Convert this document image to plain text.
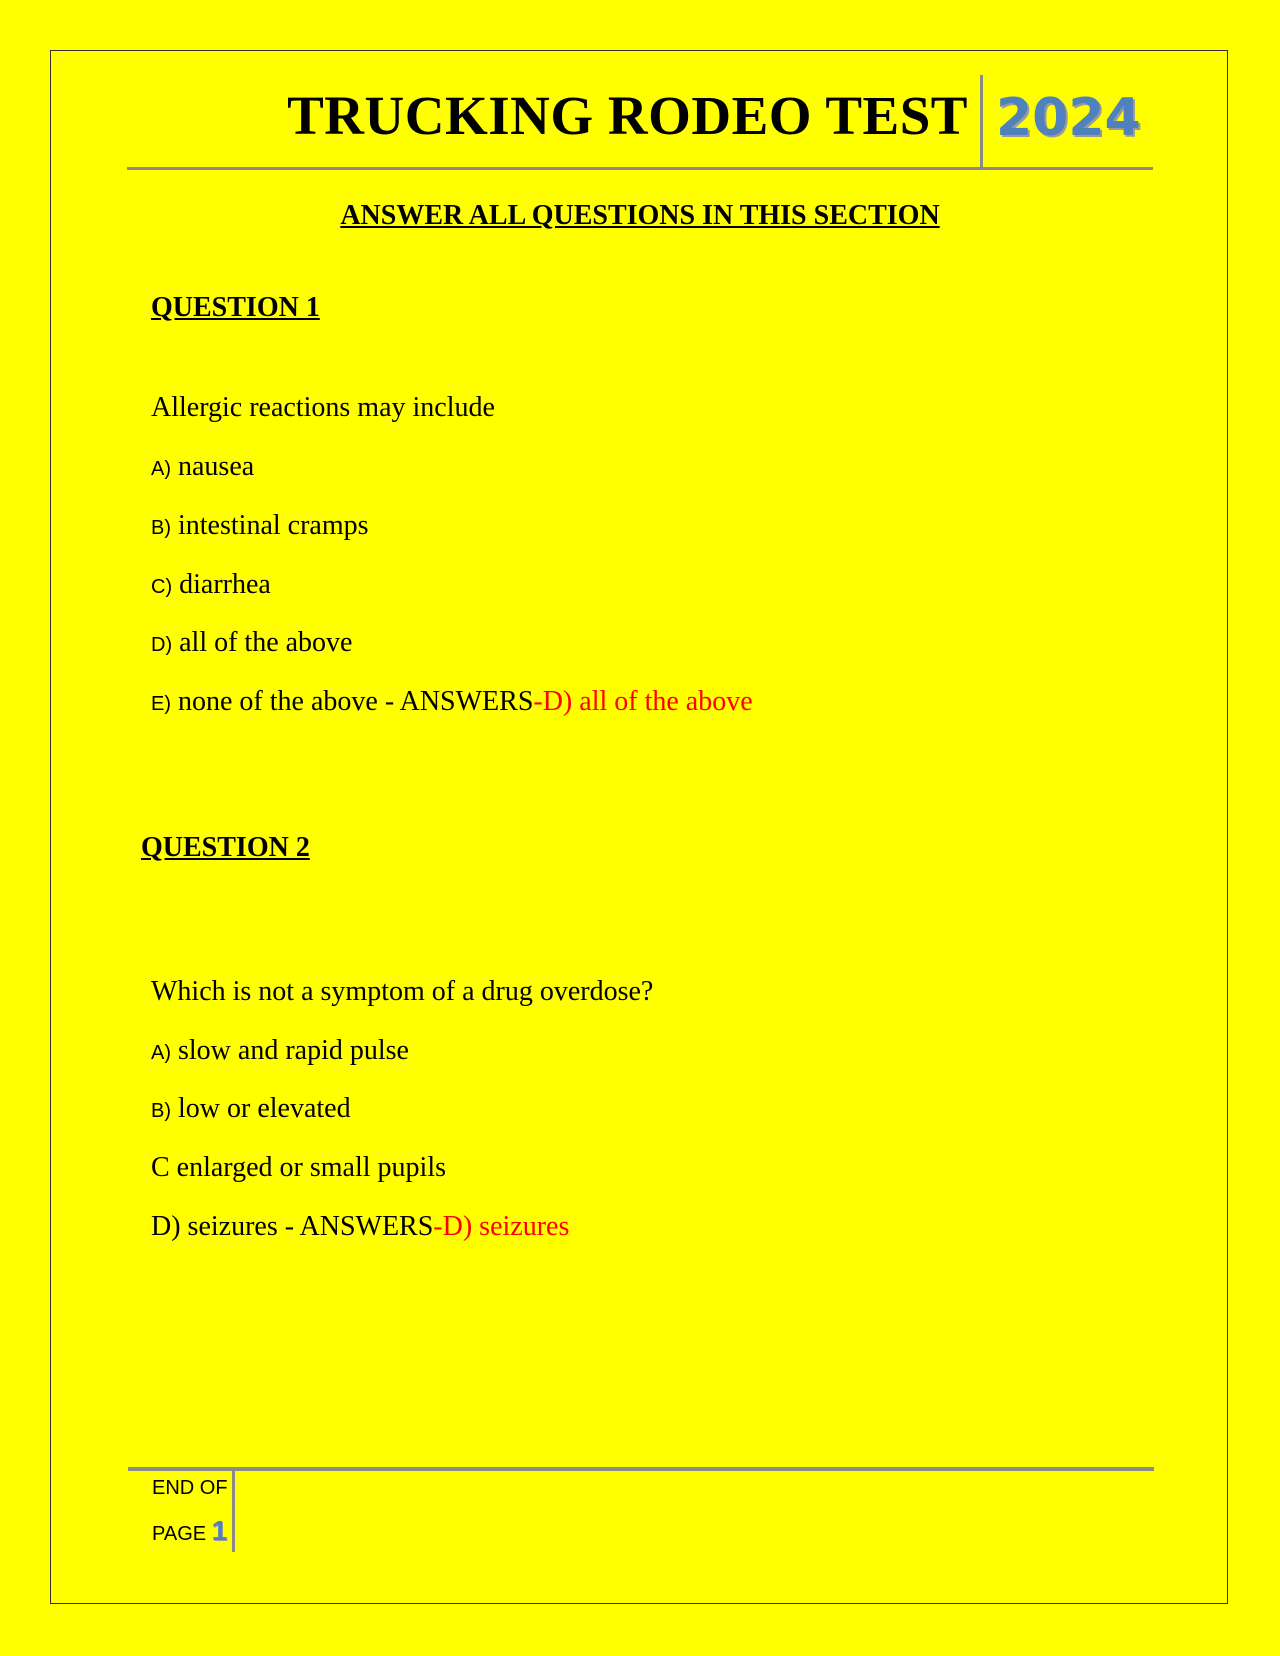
TRUCKING RODEO TEST 2024
ANSWER ALL QUESTIONS IN THIS SECTION
QUESTION 1
Allergic reactions may include
A) nausea
B) intestinal cramps
C) diarrhea
D) all of the above
E) none of the above - ANSWERS-D) all of the above
QUESTION 2
Which is not a symptom of a drug overdose?
A) slow and rapid pulse
B) low or elevated
C enlarged or small pupils
D) seizures - ANSWERS-D) seizures
END OF
PAGE 1
